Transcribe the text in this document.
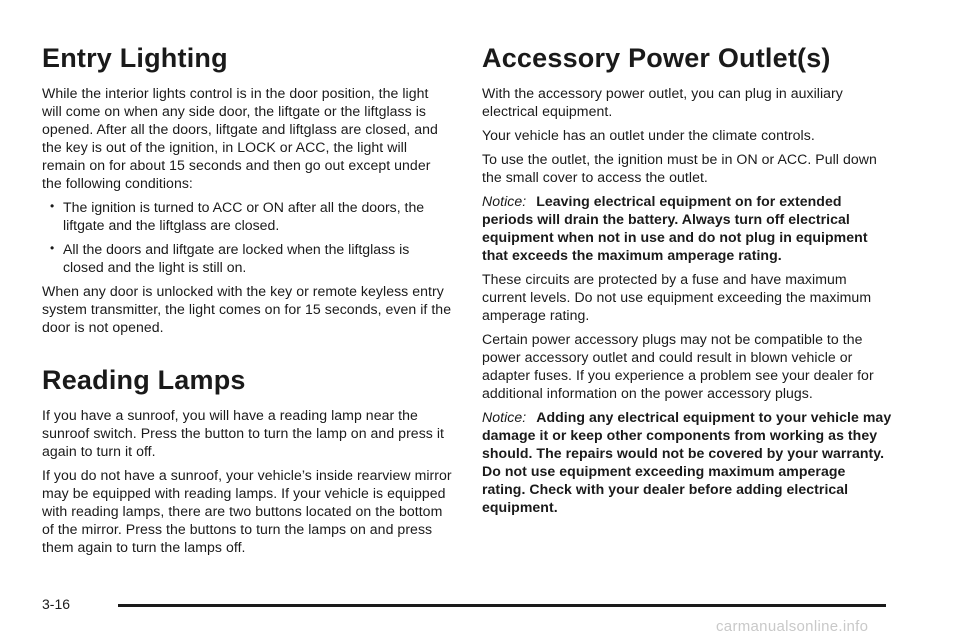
Entry Lighting

While the interior lights control is in the door position, the light will come on when any side door, the liftgate or the liftglass is opened. After all the doors, liftgate and liftglass are closed, and the key is out of the ignition, in LOCK or ACC, the light will remain on for about 15 seconds and then go out except under the following conditions:

• The ignition is turned to ACC or ON after all the doors, the liftgate and the liftglass are closed.
• All the doors and liftgate are locked when the liftglass is closed and the light is still on.

When any door is unlocked with the key or remote keyless entry system transmitter, the light comes on for 15 seconds, even if the door is not opened.

Reading Lamps

If you have a sunroof, you will have a reading lamp near the sunroof switch. Press the button to turn the lamp on and press it again to turn it off.

If you do not have a sunroof, your vehicle’s inside rearview mirror may be equipped with reading lamps. If your vehicle is equipped with reading lamps, there are two buttons located on the bottom of the mirror. Press the buttons to turn the lamps on and press them again to turn the lamps off.

Accessory Power Outlet(s)

With the accessory power outlet, you can plug in auxiliary electrical equipment.

Your vehicle has an outlet under the climate controls.

To use the outlet, the ignition must be in ON or ACC. Pull down the small cover to access the outlet.

Notice: Leaving electrical equipment on for extended periods will drain the battery. Always turn off electrical equipment when not in use and do not plug in equipment that exceeds the maximum amperage rating.

These circuits are protected by a fuse and have maximum current levels. Do not use equipment exceeding the maximum amperage rating.

Certain power accessory plugs may not be compatible to the power accessory outlet and could result in blown vehicle or adapter fuses. If you experience a problem see your dealer for additional information on the power accessory plugs.

Notice: Adding any electrical equipment to your vehicle may damage it or keep other components from working as they should. The repairs would not be covered by your warranty. Do not use equipment exceeding maximum amperage rating. Check with your dealer before adding electrical equipment.

3-16
carmanualsonline.info
